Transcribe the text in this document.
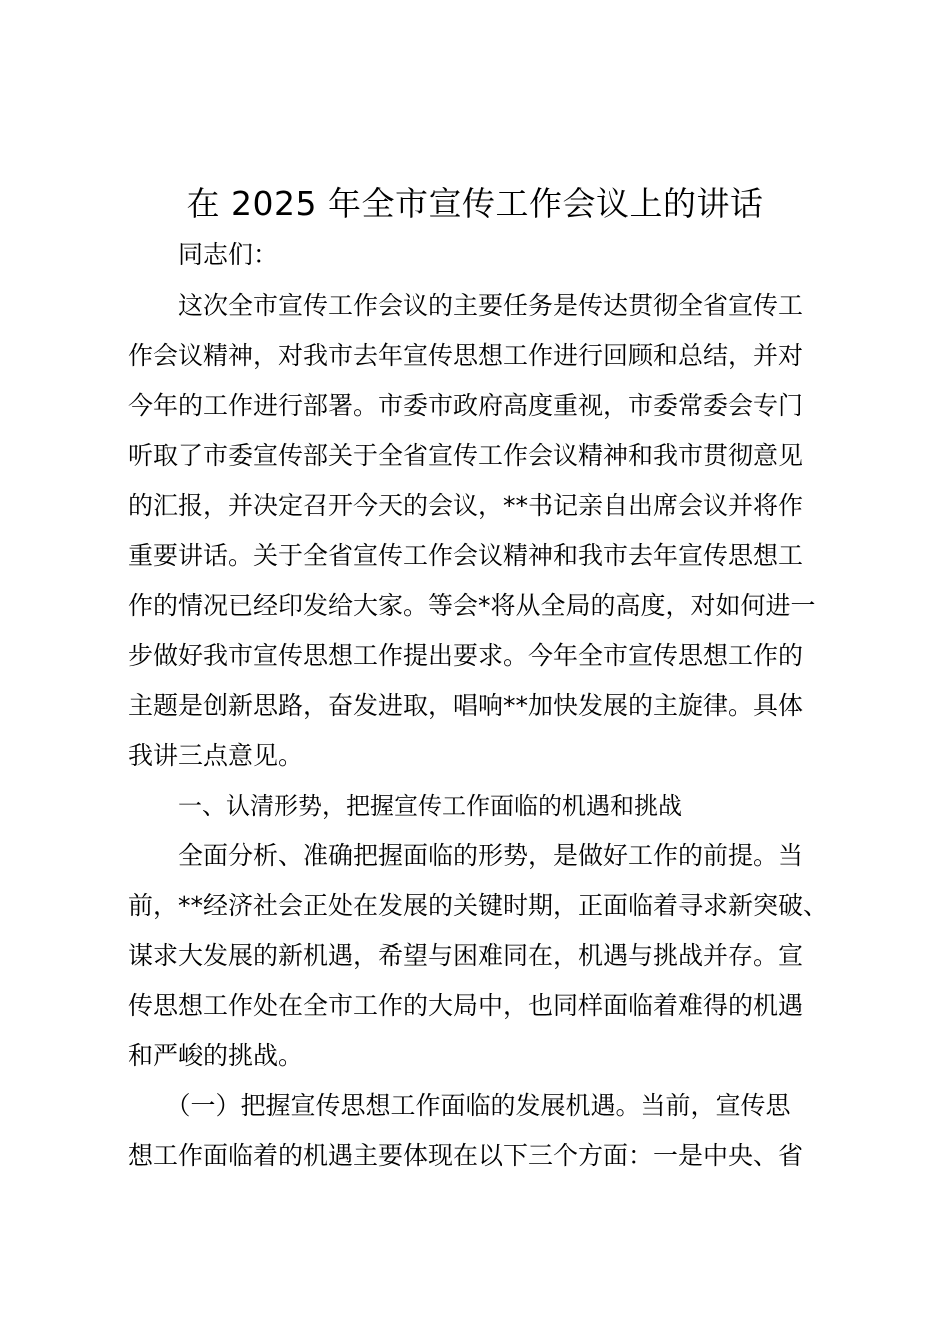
在 2025 年全市宣传工作会议上的讲话
同志们：
　　这次全市宣传工作会议的主要任务是传达贯彻全省宣传工
作会议精神，对我市去年宣传思想工作进行回顾和总结，并对
今年的工作进行部署。市委市政府高度重视，市委常委会专门
听取了市委宣传部关于全省宣传工作会议精神和我市贯彻意见
的汇报，并决定召开今天的会议，**书记亲自出席会议并将作
重要讲话。关于全省宣传工作会议精神和我市去年宣传思想工
作的情况已经印发给大家。等会*将从全局的高度，对如何进一
步做好我市宣传思想工作提出要求。今年全市宣传思想工作的
主题是创新思路，奋发进取，唱响**加快发展的主旋律。具体
我讲三点意见。
一、认清形势，把握宣传工作面临的机遇和挑战
　　全面分析、准确把握面临的形势，是做好工作的前提。当
前，**经济社会正处在发展的关键时期，正面临着寻求新突破、
谋求大发展的新机遇，希望与困难同在，机遇与挑战并存。宣
传思想工作处在全市工作的大局中，也同样面临着难得的机遇
和严峻的挑战。
　　（一）把握宣传思想工作面临的发展机遇。当前，宣传思
想工作面临着的机遇主要体现在以下三个方面：一是中央、省
